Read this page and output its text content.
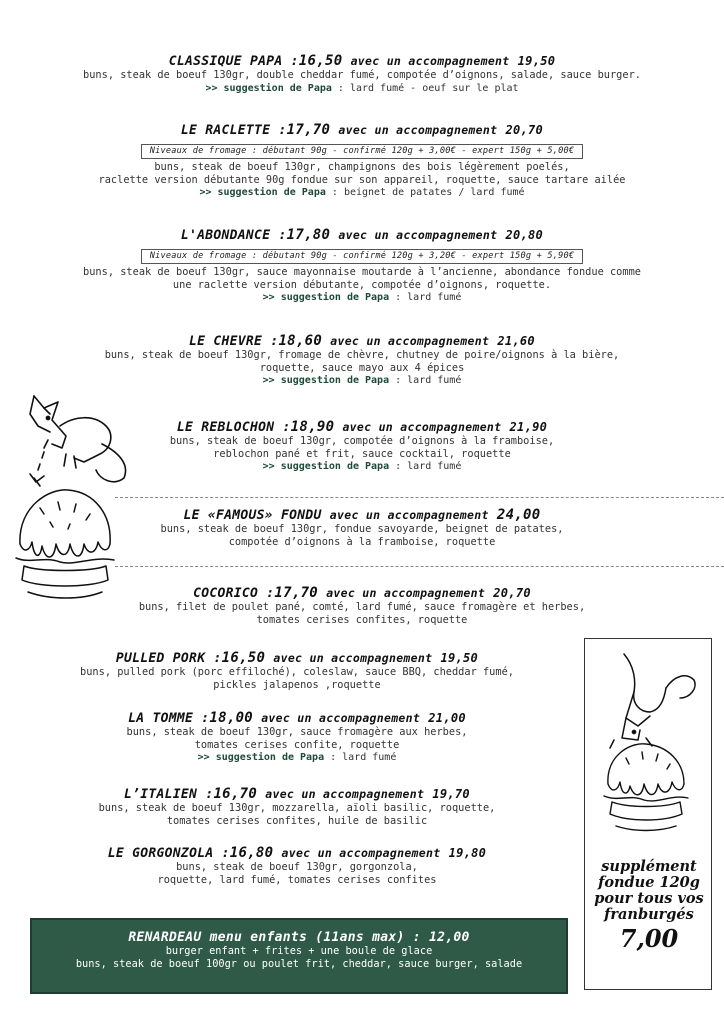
CLASSIQUE PAPA :16,50 avec un accompagnement 19,50
buns, steak de boeuf 130gr, double cheddar fumé, compotée d’oignons, salade, sauce burger.
>> suggestion de Papa : lard fumé - oeuf sur le plat
LE RACLETTE :17,70 avec un accompagnement 20,70
Niveaux de fromage : débutant 90g - confirmé 120g + 3,00€ - expert 150g + 5,00€
buns, steak de boeuf 130gr, champignons des bois légèrement poelés,
raclette version débutante 90g fondue sur son appareil, roquette, sauce tartare ailée
>> suggestion de Papa : beignet de patates / lard fumé
L'ABONDANCE :17,80 avec un accompagnement 20,80
Niveaux de fromage : débutant 90g - confirmé 120g + 3,20€ - expert 150g + 5,90€
buns, steak de boeuf 130gr, sauce mayonnaise moutarde à l’ancienne, abondance fondue comme
une raclette version débutante, compotée d’oignons, roquette.
>> suggestion de Papa : lard fumé
LE CHEVRE :18,60 avec un accompagnement 21,60
buns, steak de boeuf 130gr, fromage de chèvre, chutney de poire/oignons à la bière,
roquette, sauce mayo aux 4 épices
>> suggestion de Papa : lard fumé
LE REBLOCHON :18,90 avec un accompagnement 21,90
buns, steak de boeuf 130gr, compotée d’oignons à la framboise,
reblochon pané et frit, sauce cocktail, roquette
>> suggestion de Papa : lard fumé
LE «FAMOUS» FONDU avec un accompagnement 24,00
buns, steak de boeuf 130gr, fondue savoyarde, beignet de patates,
compotée d’oignons à la framboise, roquette
COCORICO :17,70 avec un accompagnement 20,70
buns, filet de poulet pané, comté, lard fumé, sauce fromagère et herbes,
tomates cerises confites, roquette
PULLED PORK :16,50 avec un accompagnement 19,50
buns, pulled pork (porc effiloché), coleslaw, sauce BBQ, cheddar fumé,
pickles jalapenos ,roquette
LA TOMME :18,00 avec un accompagnement 21,00
buns, steak de boeuf 130gr, sauce fromagère aux herbes,
tomates cerises confite, roquette
>> suggestion de Papa : lard fumé
L’ITALIEN :16,70 avec un accompagnement 19,70
buns, steak de boeuf 130gr, mozzarella, aïoli basilic, roquette,
tomates cerises confites, huile de basilic
LE GORGONZOLA :16,80 avec un accompagnement 19,80
buns, steak de boeuf 130gr, gorgonzola,
roquette, lard fumé, tomates cerises confites
RENARDEAU menu enfants (11ans max) : 12,00
burger enfant + frites + une boule de glace
buns, steak de boeuf 100gr ou poulet frit, cheddar, sauce burger, salade
supplément fondue 120g pour tous vos franburgés
7,00
